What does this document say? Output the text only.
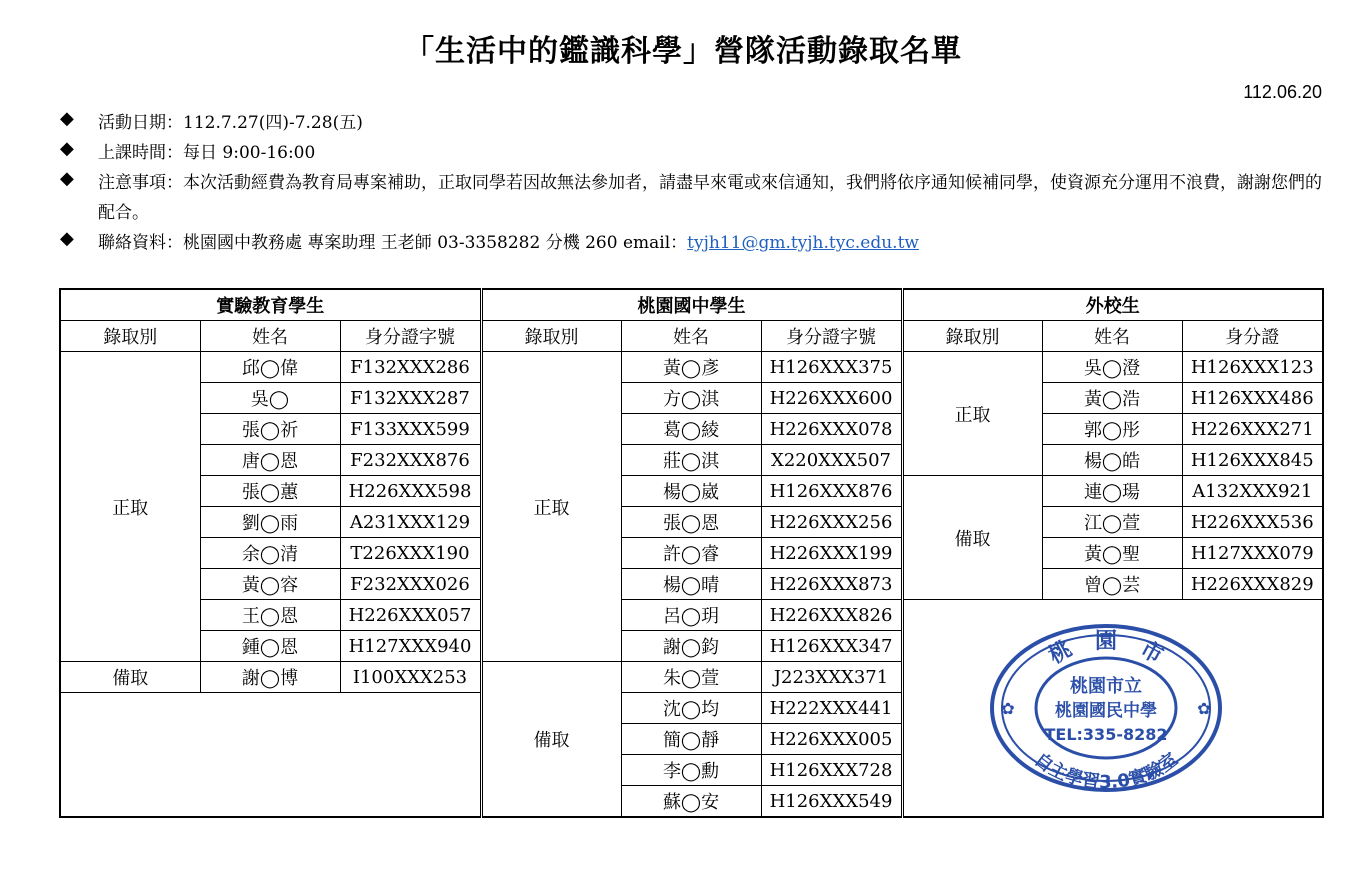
「生活中的鑑識科學」營隊活動錄取名單
112.06.20
◆ 活動日期：112.7.27(四)-7.28(五)
◆ 上課時間：每日 9:00-16:00
◆ 注意事項：本次活動經費為教育局專案補助，正取同學若因故無法參加者，請盡早來電或來信通知，我們將依序通知候補同學，使資源充分運用不浪費，謝謝您們的配合。
◆ 聯絡資料：桃園國中教務處 專案助理 王老師 03-3358282 分機 260 email：tyjh11@gm.tyjh.tyc.edu.tw
實驗教育學生			桃園國中學生			外校生		
錄取別	姓名	身分證字號	錄取別	姓名	身分證字號	錄取別	姓名	身分證
正取	邱◯偉	F132XXX286	正取	黃◯彥	H126XXX375	正取	吳◯澄	H126XXX123
	吳◯	F132XXX287		方◯淇	H226XXX600		黃◯浩	H126XXX486
	張◯祈	F133XXX599		葛◯綾	H226XXX078		郭◯彤	H226XXX271
	唐◯恩	F232XXX876		莊◯淇	X220XXX507		楊◯皓	H126XXX845
	張◯蕙	H226XXX598		楊◯崴	H126XXX876	備取	連◯瑒	A132XXX921
	劉◯雨	A231XXX129		張◯恩	H226XXX256		江◯萱	H226XXX536
	余◯清	T226XXX190		許◯睿	H226XXX199		黃◯聖	H127XXX079
	黃◯容	F232XXX026		楊◯晴	H226XXX873		曾◯芸	H226XXX829
	王◯恩	H226XXX057		呂◯玥	H226XXX826			
	鍾◯恩	H127XXX940		謝◯鈞	H126XXX347			
備取	謝◯博	I100XXX253	備取	朱◯萱	J223XXX371			
				沈◯均	H222XXX441			
				簡◯靜	H226XXX005			
				李◯勳	H126XXX728			
				蘇◯安	H126XXX549			
桃　園　市
自主學習3.0實驗室
桃園市立
桃園國民中學
TEL:335-8282
✿	✿
